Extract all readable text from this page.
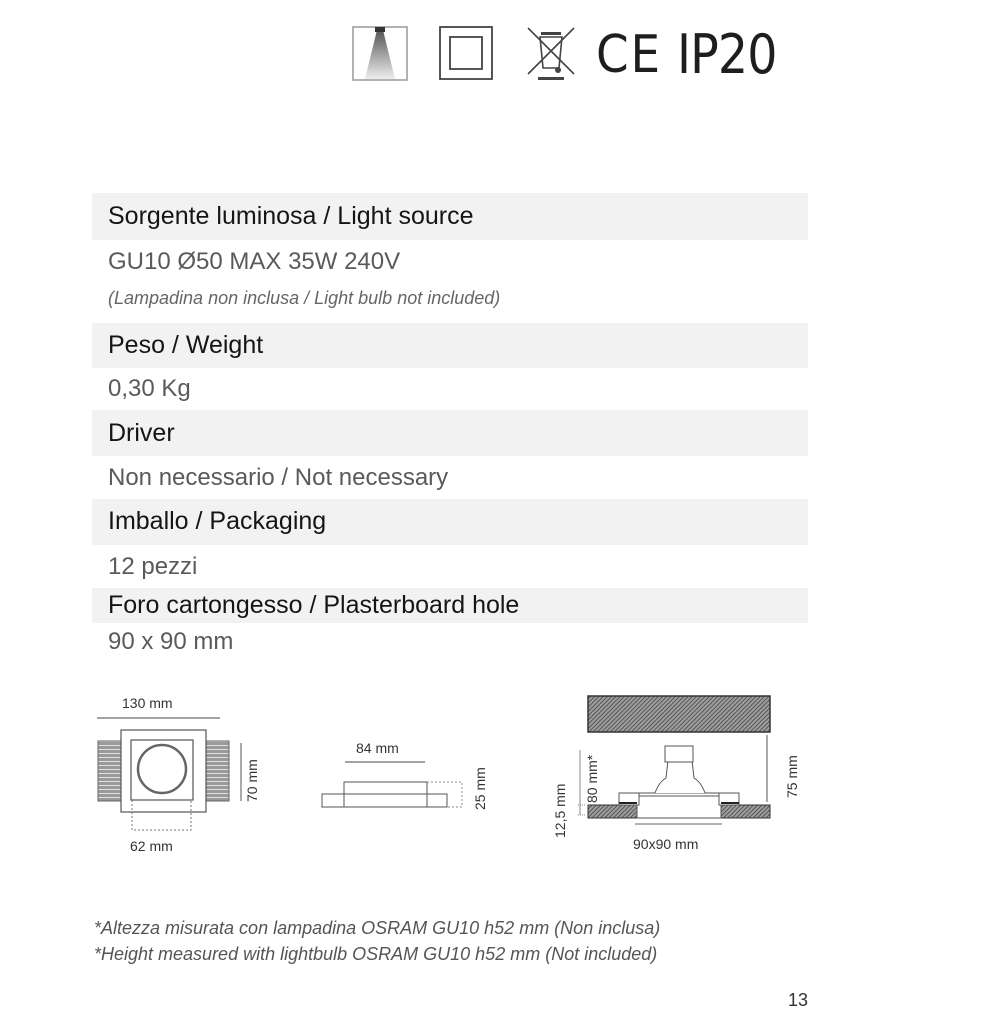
CE IP20
Sorgente luminosa / Light source
GU10 Ø50 MAX 35W 240V
(Lampadina non inclusa / Light bulb not included)
Peso / Weight
0,30 Kg
Driver
Non necessario / Not necessary
Imballo / Packaging
12 pezzi
Foro cartongesso / Plasterboard hole
90 x 90 mm
130 mm
62 mm
70 mm
84 mm
25 mm	12,5 mm
80 mm*	75 mm
90x90 mm
*Altezza misurata con lampadina OSRAM GU10 h52 mm (Non inclusa)
*Height measured with lightbulb OSRAM GU10 h52 mm (Not included)
13
